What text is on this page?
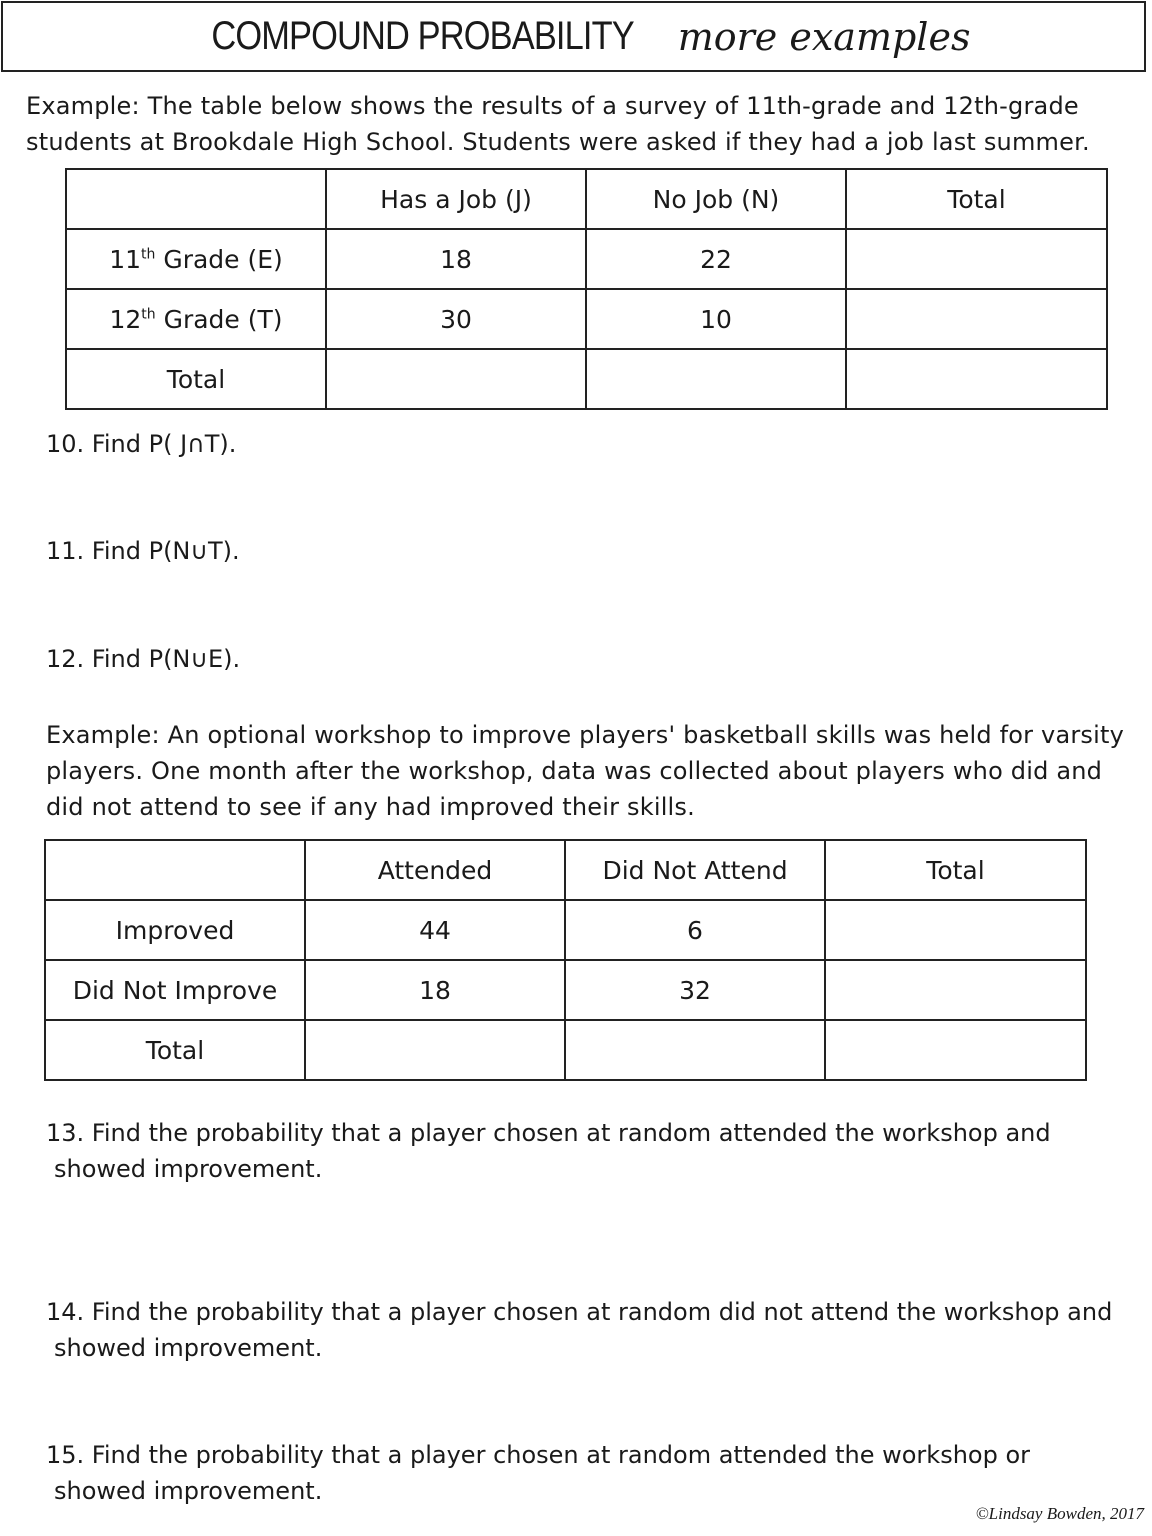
COMPOUND PROBABILITY more examples
Example: The table below shows the results of a survey of 11th-grade and 12th-grade
students at Brookdale High School. Students were asked if they had a job last summer.
	Has a Job (J)	No Job (N)	Total
11th Grade (E)	18	22	
12th Grade (T)	30	10	
Total			
10. Find P( J∩T).
11. Find P(N∪T).
12. Find P(N∪E).
Example: An optional workshop to improve players' basketball skills was held for varsity
players. One month after the workshop, data was collected about players who did and
did not attend to see if any had improved their skills.
	Attended	Did Not Attend	Total
Improved	44	6	
Did Not Improve	18	32	
Total			
13. Find the probability that a player chosen at random attended the workshop and
showed improvement.
14. Find the probability that a player chosen at random did not attend the workshop and
showed improvement.
15. Find the probability that a player chosen at random attended the workshop or
showed improvement.
©Lindsay Bowden, 2017
